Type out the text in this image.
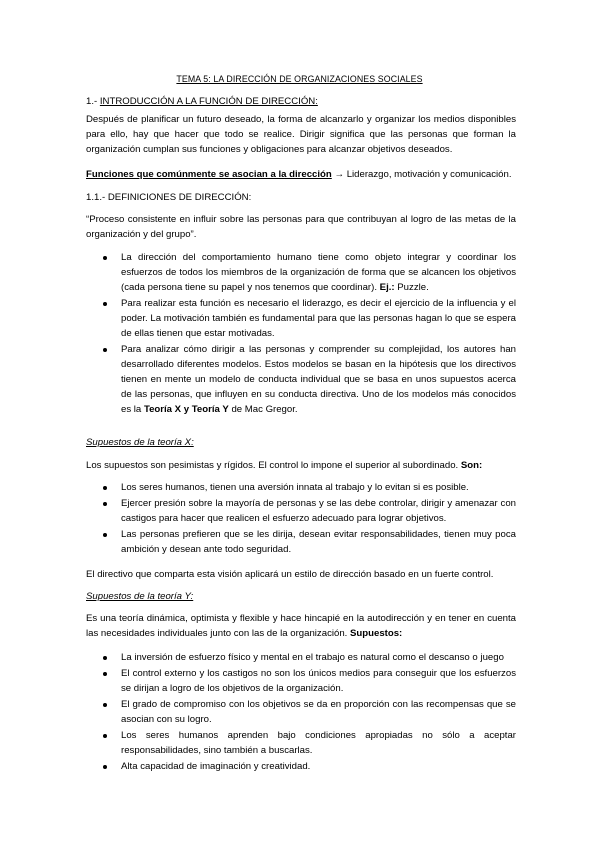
TEMA 5: LA DIRECCIÓN DE ORGANIZACIONES SOCIALES
1.- INTRODUCCIÓN A LA FUNCIÓN DE DIRECCIÓN:
Después de planificar un futuro deseado, la forma de alcanzarlo y organizar los medios disponibles para ello, hay que hacer que todo se realice. Dirigir significa que las personas que forman la organización cumplan sus funciones y obligaciones para alcanzar objetivos deseados.
Funciones que comúnmente se asocian a la dirección → Liderazgo, motivación y comunicación.
1.1.- DEFINICIONES DE DIRECCIÓN:
“Proceso consistente en influir sobre las personas para que contribuyan al logro de las metas de la organización y del grupo”.
La dirección del comportamiento humano tiene como objeto integrar y coordinar los esfuerzos de todos los miembros de la organización de forma que se alcancen los objetivos (cada persona tiene su papel y nos tenemos que coordinar). Ej.: Puzzle.
Para realizar esta función es necesario el liderazgo, es decir el ejercicio de la influencia y el poder. La motivación también es fundamental para que las personas hagan lo que se espera de ellas tienen que estar motivadas.
Para analizar cómo dirigir a las personas y comprender su complejidad, los autores han desarrollado diferentes modelos. Estos modelos se basan en la hipótesis que los directivos tienen en mente un modelo de conducta individual que se basa en unos supuestos acerca de las personas, que influyen en su conducta directiva. Uno de los modelos más conocidos es la Teoría X y Teoría Y de Mac Gregor.
Supuestos de la teoría X:
Los supuestos son pesimistas y rígidos. El control lo impone el superior al subordinado. Son:
Los seres humanos, tienen una aversión innata al trabajo y lo evitan si es posible.
Ejercer presión sobre la mayoría de personas y se las debe controlar, dirigir y amenazar con castigos para hacer que realicen el esfuerzo adecuado para lograr objetivos.
Las personas prefieren que se les dirija, desean evitar responsabilidades, tienen muy poca ambición y desean ante todo seguridad.
El directivo que comparta esta visión aplicará un estilo de dirección basado en un fuerte control.
Supuestos de la teoría Y:
Es una teoría dinámica, optimista y flexible y hace hincapié en la autodirección y en tener en cuenta las necesidades individuales junto con las de la organización. Supuestos:
La inversión de esfuerzo físico y mental en el trabajo es natural como el descanso o juego
El control externo y los castigos no son los únicos medios para conseguir que los esfuerzos se dirijan a logro de los objetivos de la organización.
El grado de compromiso con los objetivos se da en proporción con las recompensas que se asocian con su logro.
Los seres humanos aprenden bajo condiciones apropiadas no sólo a aceptar responsabilidades, sino también a buscarlas.
Alta capacidad de imaginación y creatividad.
